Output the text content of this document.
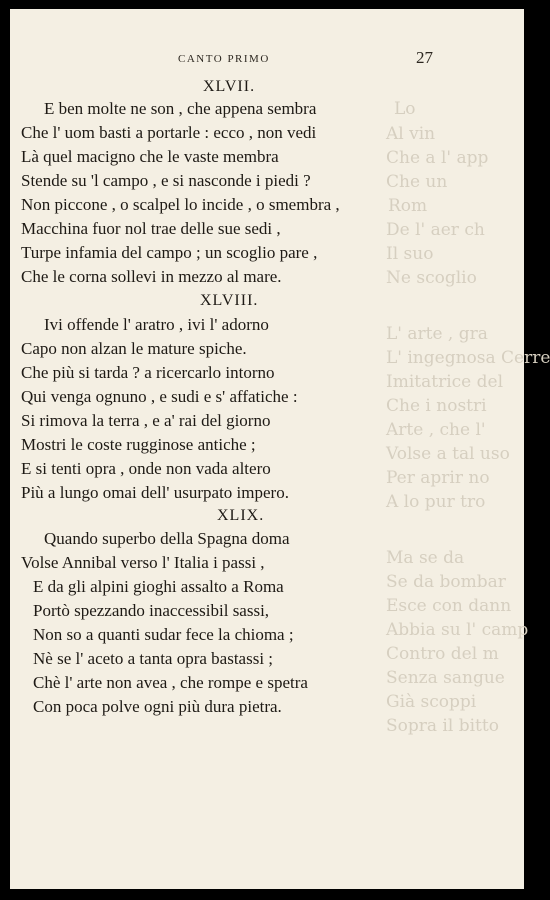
Lo
Al vin
Che a l' app
Che un
Rom
De l' aer ch
Il suo
Ne scoglio
L' arte , gra
L' ingegnosa Cerre
Imitatrice del
Che i nostri
Arte , che l'
Volse a tal uso
Per aprir no
A lo pur tro
Ma se da
Se da bombar
Esce con dann
Abbia su l' camp
Contro del m
Senza sangue
Già scoppi
Sopra il bitto
CANTO PRIMO	27
XLVII.
E ben molte ne son , che appena sembra
Che l' uom basti a portarle : ecco , non vedi
Là quel macigno che le vaste membra
Stende su 'l campo , e si nasconde i piedi ?
Non piccone , o scalpel lo incide , o smembra ,
Macchina fuor nol trae delle sue sedi ,
Turpe infamia del campo ; un scoglio pare ,
Che le corna sollevi in mezzo al mare.
XLVIII.
Ivi offende l' aratro , ivi l' adorno
Capo non alzan le mature spiche.
Che più si tarda ? a ricercarlo intorno
Qui venga ognuno , e sudi e s' affatiche :
Si rimova la terra , e a' rai del giorno
Mostri le coste rugginose antiche ;
E si tenti opra , onde non vada altero
Più a lungo omai dell' usurpato impero.
XLIX.
Quando superbo della Spagna doma
Volse Annibal verso l' Italia i passi ,
E da gli alpini gioghi assalto a Roma
Portò spezzando inaccessibil sassi,
Non so a quanti sudar fece la chioma ;
Nè se l' aceto a tanta opra bastassi ;
Chè l' arte non avea , che rompe e spetra
Con poca polve ogni più dura pietra.
